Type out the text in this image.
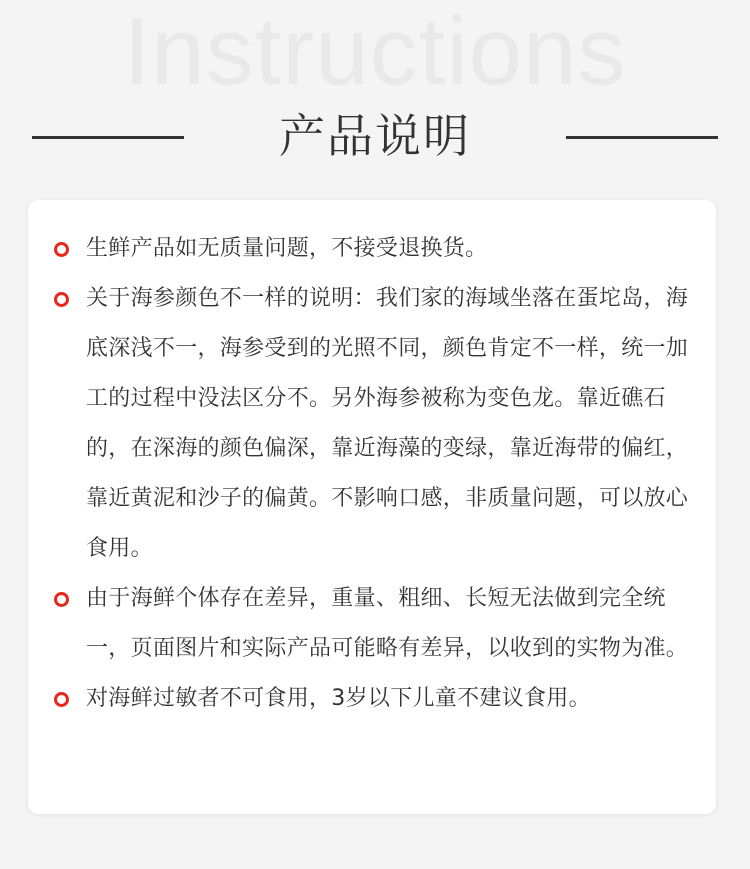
Instructions
产品说明
生鲜产品如无质量问题，不接受退换货。
关于海参颜色不一样的说明：我们家的海域坐落在蛋坨岛，海底深浅不一，海参受到的光照不同，颜色肯定不一样，统一加工的过程中没法区分不。另外海参被称为变色龙。靠近礁石的，在深海的颜色偏深，靠近海藻的变绿，靠近海带的偏红，靠近黄泥和沙子的偏黄。不影响口感，非质量问题，可以放心食用。
由于海鲜个体存在差异，重量、粗细、长短无法做到完全统一，页面图片和实际产品可能略有差异，以收到的实物为准。
对海鲜过敏者不可食用，3岁以下儿童不建议食用。
